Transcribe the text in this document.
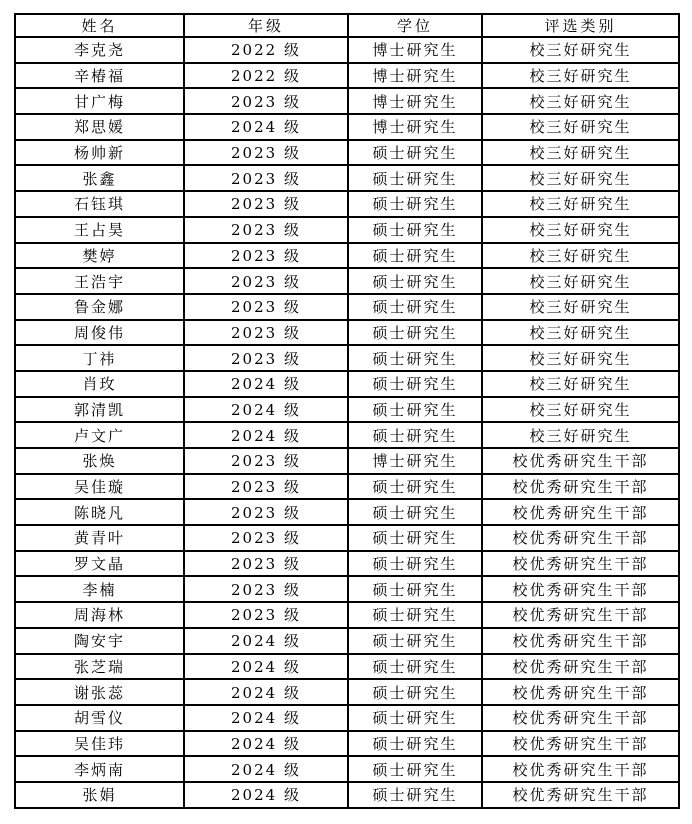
姓名	年级	学位	评选类别
李克尧	2022 级	博士研究生	校三好研究生
辛椿福	2022 级	博士研究生	校三好研究生
甘广梅	2023 级	博士研究生	校三好研究生
郑思媛	2024 级	博士研究生	校三好研究生
杨帅新	2023 级	硕士研究生	校三好研究生
张鑫	2023 级	硕士研究生	校三好研究生
石钰琪	2023 级	硕士研究生	校三好研究生
王占昊	2023 级	硕士研究生	校三好研究生
樊婷	2023 级	硕士研究生	校三好研究生
王浩宇	2023 级	硕士研究生	校三好研究生
鲁金娜	2023 级	硕士研究生	校三好研究生
周俊伟	2023 级	硕士研究生	校三好研究生
丁祎	2023 级	硕士研究生	校三好研究生
肖玫	2024 级	硕士研究生	校三好研究生
郭清凯	2024 级	硕士研究生	校三好研究生
卢文广	2024 级	硕士研究生	校三好研究生
张焕	2023 级	博士研究生	校优秀研究生干部
吴佳璇	2023 级	硕士研究生	校优秀研究生干部
陈晓凡	2023 级	硕士研究生	校优秀研究生干部
黄青叶	2023 级	硕士研究生	校优秀研究生干部
罗文晶	2023 级	硕士研究生	校优秀研究生干部
李楠	2023 级	硕士研究生	校优秀研究生干部
周海林	2023 级	硕士研究生	校优秀研究生干部
陶安宇	2024 级	硕士研究生	校优秀研究生干部
张芝瑞	2024 级	硕士研究生	校优秀研究生干部
谢张蕊	2024 级	硕士研究生	校优秀研究生干部
胡雪仪	2024 级	硕士研究生	校优秀研究生干部
吴佳玮	2024 级	硕士研究生	校优秀研究生干部
李炳南	2024 级	硕士研究生	校优秀研究生干部
张娟	2024 级	硕士研究生	校优秀研究生干部
